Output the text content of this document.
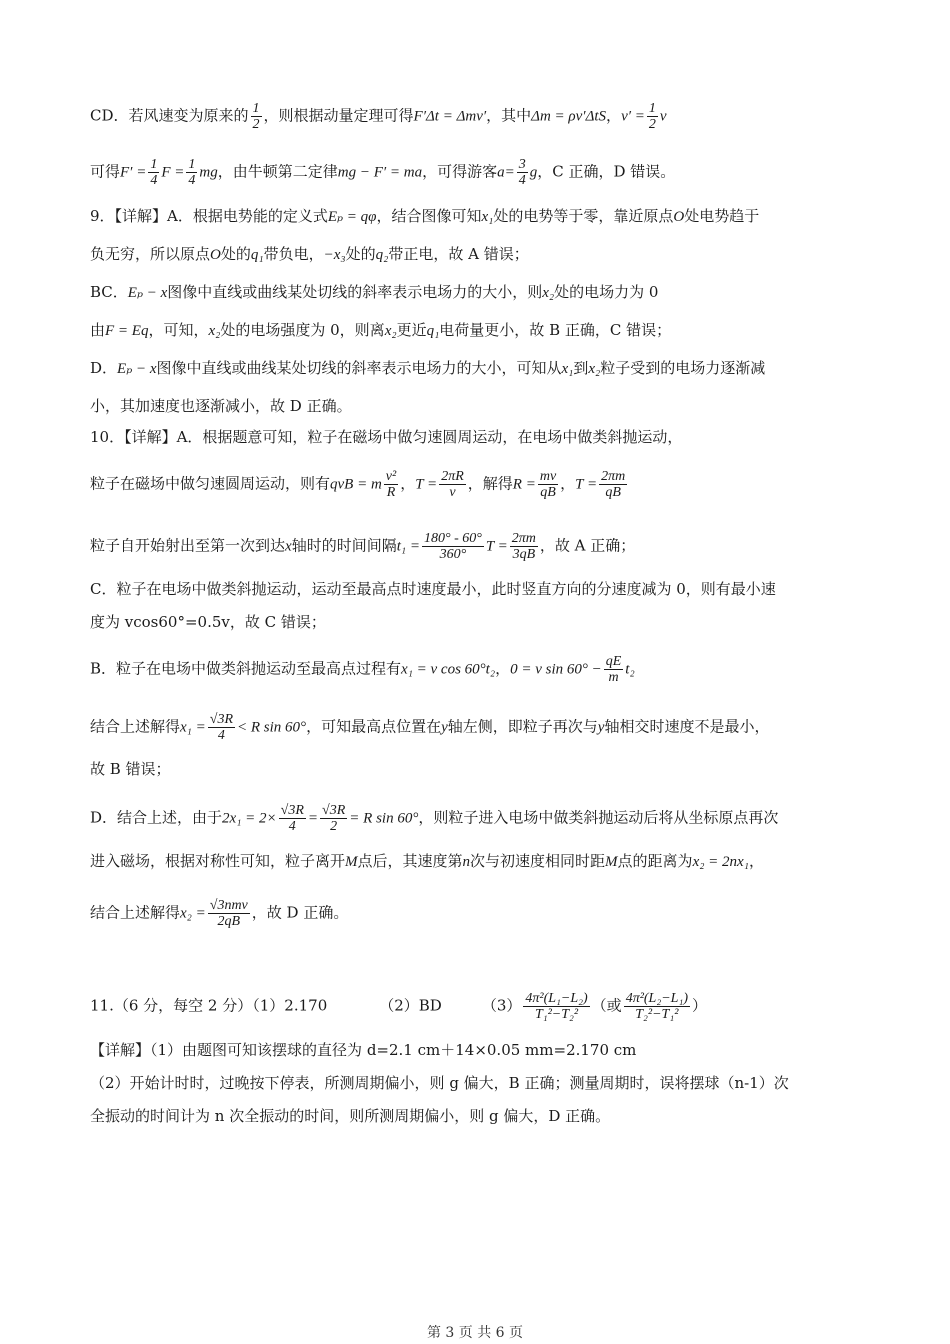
CD．若风速变为原来的 $\frac{1}{2}$ ，则根据动量定理可得F′Δt = Δmv′，其中Δm = ρv′ΔtS，$v' = \frac{1}{2}$ v
可得$F' = \frac{1}{4}$ $F = \frac{1}{4}$ mg，由牛顿第二定律mg − F′ = ma，可得游客$a= \frac{3}{4}$ g，C 正确，D 错误。
9．【详解】A．根据电势能的定义式Eₚ = qφ，结合图像可知x₁处的电势等于零，靠近原点O处电势趋于
负无穷，所以原点O处的q₁带负电，−x₃处的q₂带正电，故 A 错误；
BC．Eₚ − x图像中直线或曲线某处切线的斜率表示电场力的大小，则x₂处的电场力为 0
由F = Eq，可知，x₂处的电场强度为 0，则离x₂更近q₁电荷量更小，故 B 正确，C 错误；
D．Eₚ − x图像中直线或曲线某处切线的斜率表示电场力的大小，可知从x₁到x₂粒子受到的电场力逐渐减
小，其加速度也逐渐减小，故 D 正确。
10．【详解】A．根据题意可知，粒子在磁场中做匀速圆周运动，在电场中做类斜抛运动，
粒子在磁场中做匀速圆周运动，则有qvB = m $\frac{\text{v²}}{R}$ ，$T = \frac{2\pi R}{v}$ ，解得$R = \frac{mv}{qB}$ ，$T = \frac{2\pi m}{qB}$
粒子自开始射出至第一次到达x轴时的时间间隔$t_1 = \frac{180^\circ - 60^\circ}{360^\circ}$ $T = \frac{2\pi m}{3qB}$ ，故 A 正确；
C．粒子在电场中做类斜抛运动，运动至最高点时速度最小，此时竖直方向的分速度减为 0，则有最小速
度为 vcos60°=0.5v，故 C 错误；
B．粒子在电场中做类斜抛运动至最高点过程有x₁ = v cos 60°t₂，0 = v $\sin 60^\circ - \frac{qE}{m} t_2$
结合上述解得$x_1 = \frac{√3R}{4} < R$ sin 60°，可知最高点位置在y轴左侧，即粒子再次与y轴相交时速度不是最小，
故 B 错误；
D．结合上述，由于$2x_1 = 2\times \frac{√3R}{4} = \frac{√3R}{2} = R$ sin 60°，则粒子进入电场中做类斜抛运动后将从坐标原点再次
进入磁场，根据对称性可知，粒子离开M点后，其速度第n次与初速度相同时距M点的距离为x₂ = 2nx₁，
结合上述解得$x_2 = \frac{\text{√3nmv}}{2qB}$ ，故 D 正确。
11.（6 分，每空 2 分）（1）2.170	（2）BD	$(3) \frac{\text{4π²(L₁−L₂)}}{\text{T₁²−T₂²}}$ （或 $\frac{\text{4π²(L₂−L₁)}}{\text{T₂²−T₁²}}$ ）
【详解】（1）由题图可知该摆球的直径为 d=2.1 cm＋14×0.05 mm=2.170 cm
（2）开始计时时，过晚按下停表，所测周期偏小，则 g 偏大，B 正确；测量周期时，误将摆球（n-1）次
全振动的时间计为 n 次全振动的时间，则所测周期偏小，则 g 偏大，D 正确。
第 3 页 共 6 页
